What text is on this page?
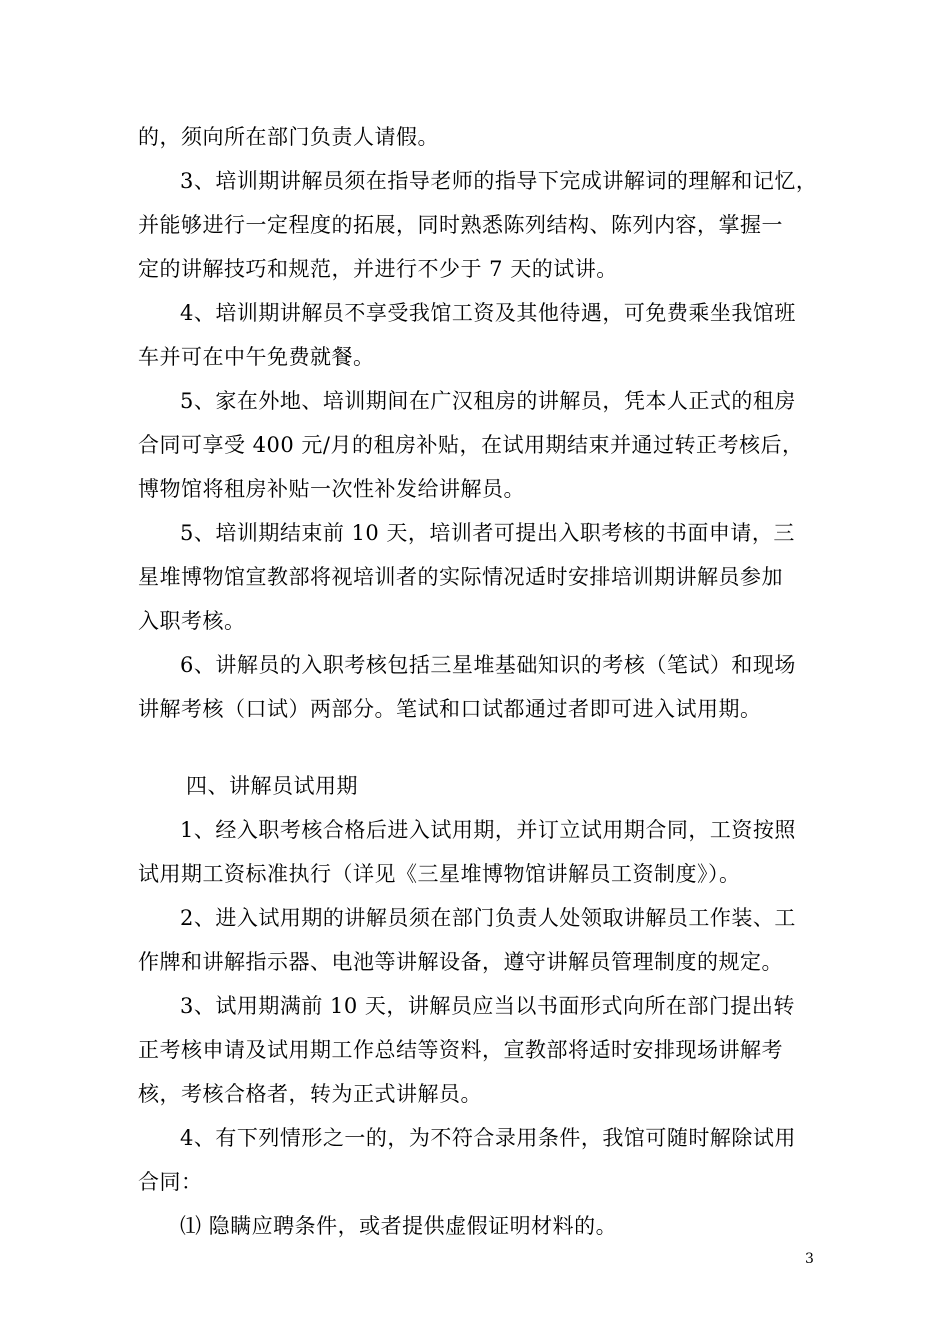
的，须向所在部门负责人请假。
3、培训期讲解员须在指导老师的指导下完成讲解词的理解和记忆，
并能够进行一定程度的拓展，同时熟悉陈列结构、陈列内容，掌握一
定的讲解技巧和规范，并进行不少于 7 天的试讲。
4、培训期讲解员不享受我馆工资及其他待遇，可免费乘坐我馆班
车并可在中午免费就餐。
5、家在外地、培训期间在广汉租房的讲解员，凭本人正式的租房
合同可享受 400 元/月的租房补贴，在试用期结束并通过转正考核后，
博物馆将租房补贴一次性补发给讲解员。
5、培训期结束前 10 天，培训者可提出入职考核的书面申请，三
星堆博物馆宣教部将视培训者的实际情况适时安排培训期讲解员参加
入职考核。
6、讲解员的入职考核包括三星堆基础知识的考核（笔试）和现场
讲解考核（口试）两部分。笔试和口试都通过者即可进入试用期。
四、讲解员试用期
1、经入职考核合格后进入试用期，并订立试用期合同，工资按照
试用期工资标准执行（详见《三星堆博物馆讲解员工资制度》）。
2、进入试用期的讲解员须在部门负责人处领取讲解员工作装、工
作牌和讲解指示器、电池等讲解设备，遵守讲解员管理制度的规定。
3、试用期满前 10 天，讲解员应当以书面形式向所在部门提出转
正考核申请及试用期工作总结等资料，宣教部将适时安排现场讲解考
核，考核合格者，转为正式讲解员。
4、有下列情形之一的，为不符合录用条件，我馆可随时解除试用
合同：
⑴ 隐瞒应聘条件，或者提供虚假证明材料的。
3
